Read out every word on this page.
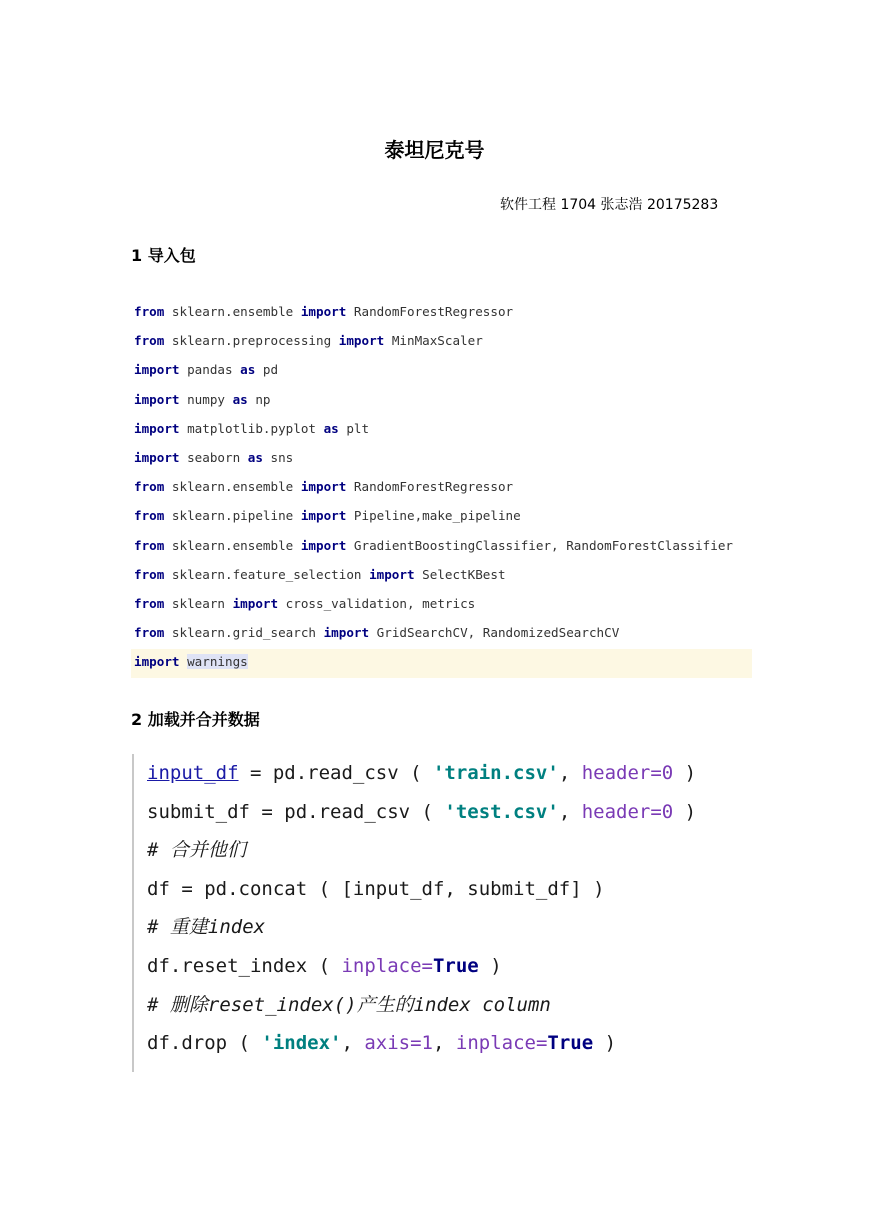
泰坦尼克号
软件工程 1704 张志浩 20175283
1 导入包
from sklearn.ensemble import RandomForestRegressor
from sklearn.preprocessing import MinMaxScaler
import pandas as pd
import numpy as np
import matplotlib.pyplot as plt
import seaborn as sns
from sklearn.ensemble import RandomForestRegressor
from sklearn.pipeline import Pipeline,make_pipeline
from sklearn.ensemble import GradientBoostingClassifier, RandomForestClassifier
from sklearn.feature_selection import SelectKBest
from sklearn import cross_validation, metrics
from sklearn.grid_search import GridSearchCV, RandomizedSearchCV
import warnings
2 加载并合并数据
input_df = pd.read_csv ( 'train.csv', header=0 )
submit_df = pd.read_csv ( 'test.csv', header=0 )
# 合并他们
df = pd.concat ( [input_df, submit_df] )
# 重建index
df.reset_index ( inplace=True )
# 删除reset_index()产生的index column
df.drop ( 'index', axis=1, inplace=True )
